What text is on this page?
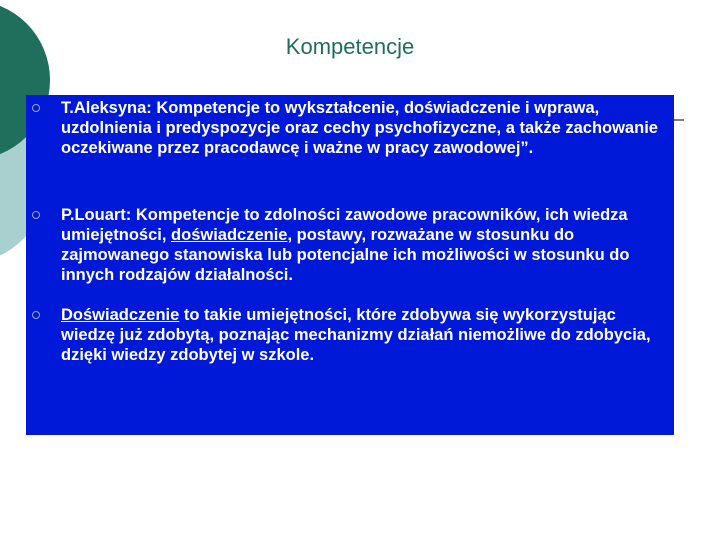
Kompetencje
T.Aleksyna: Kompetencje to wykształcenie, doświadczenie i wprawa, uzdolnienia i predyspozycje oraz cechy psychofizyczne, a także zachowanie oczekiwane przez pracodawcę i ważne w pracy zawodowej”.
P.Louart: Kompetencje to zdolności zawodowe pracowników, ich wiedza umiejętności, doświadczenie, postawy, rozważane w stosunku do zajmowanego stanowiska lub potencjalne ich możliwości w stosunku do innych rodzajów działalności.
Doświadczenie to takie umiejętności, które zdobywa się wykorzystując wiedzę już zdobytą, poznając mechanizmy działań niemożliwe do zdobycia, dzięki wiedzy zdobytej w szkole.
